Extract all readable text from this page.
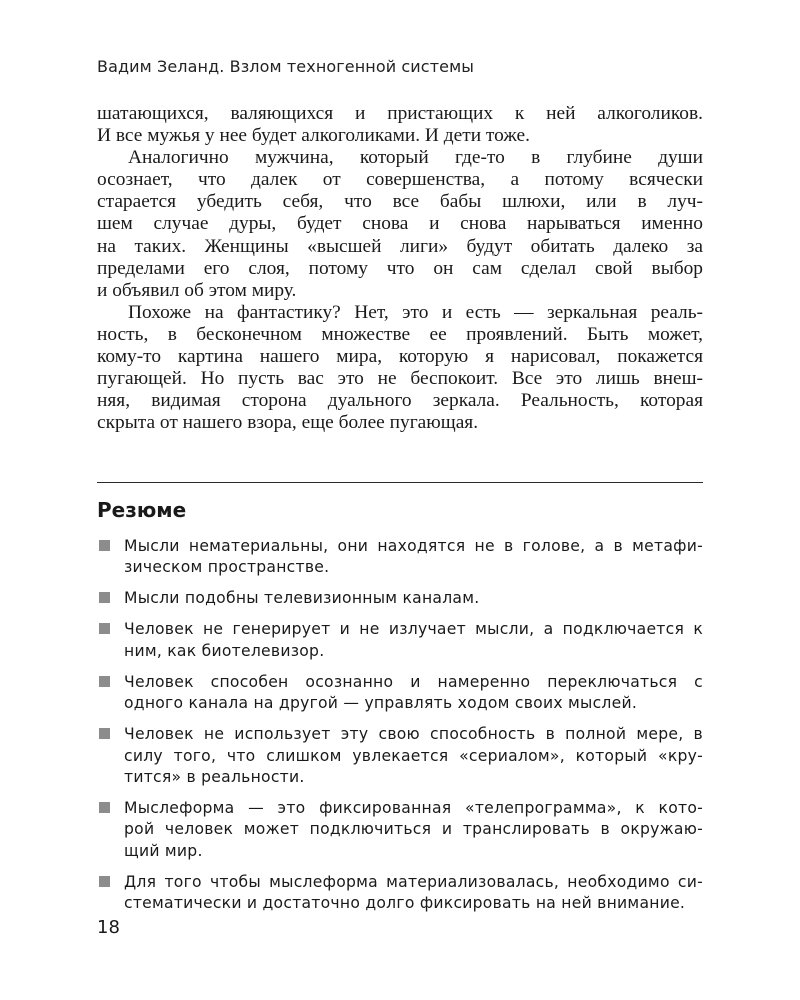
Вадим Зеланд. Взлом техногенной системы
шатающихся, валяющихся и пристающих к ней алкоголиков.
И все мужья у нее будет алкоголиками. И дети тоже.
Аналогично мужчина, который где-то в глубине души
осознает, что далек от совершенства, а потому всячески
старается убедить себя, что все бабы шлюхи, или в луч-
шем случае дуры, будет снова и снова нарываться именно
на таких. Женщины «высшей лиги» будут обитать далеко за
пределами его слоя, потому что он сам сделал свой выбор
и объявил об этом миру.
Похоже на фантастику? Нет, это и есть — зеркальная реаль-
ность, в бесконечном множестве ее проявлений. Быть может,
кому-то картина нашего мира, которую я нарисовал, покажется
пугающей. Но пусть вас это не беспокоит. Все это лишь внеш-
няя, видимая сторона дуального зеркала. Реальность, которая
скрыта от нашего взора, еще более пугающая.
Резюме
Мысли нематериальны, они находятся не в голове, а в метафи-
зическом пространстве.
Мысли подобны телевизионным каналам.
Человек не генерирует и не излучает мысли, а подключается к
ним, как биотелевизор.
Человек способен осознанно и намеренно переключаться с
одного канала на другой — управлять ходом своих мыслей.
Человек не использует эту свою способность в полной мере, в
силу того, что слишком увлекается «сериалом», который «кру-
тится» в реальности.
Мыслеформа — это фиксированная «телепрограмма», к кото-
рой человек может подключиться и транслировать в окружаю-
щий мир.
Для того чтобы мыслеформа материализовалась, необходимо си-
стематически и достаточно долго фиксировать на ней внимание.
18
